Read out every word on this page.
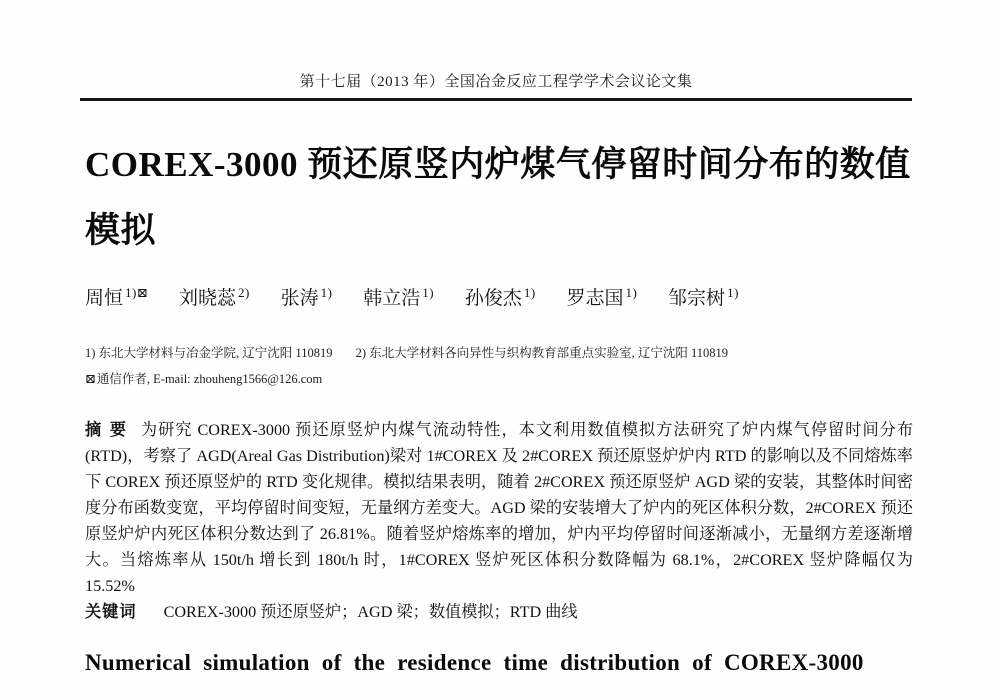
第十七届（2013 年）全国冶金反应工程学学术会议论文集
COREX-3000 预还原竖内炉煤气停留时间分布的数值
模拟
周恒 $^{1)⊠}$ 刘晓蕊 $^{2)}$ 张涛 $^{1)}$ 韩立浩 $^{1)}$ 孙俊杰 $^{1)}$ 罗志国 $^{1)}$ 邹宗树 $^{1)}$
1) 东北大学材料与冶金学院, 辽宁沈阳 110819 2) 东北大学材料各向异性与织构教育部重点实验室, 辽宁沈阳 110819
⊠通信作者, E-mail: zhouheng1566@126.com

摘 要 为研究 COREX-3000 预还原竖炉内煤气流动特性，本文利用数值模拟方法研究了炉内煤气停留时间分布(RTD)，考察了 AGD(Areal Gas Distribution)梁对 1#COREX 及 2#COREX 预还原竖炉炉内 RTD 的影响以及不同熔炼率下 COREX 预还原竖炉的 RTD 变化规律。模拟结果表明，随着 2#COREX 预还原竖炉 AGD 梁的安装，其整体时间密度分布函数变宽，平均停留时间变短，无量纲方差变大。AGD 梁的安装增大了炉内的死区体积分数，2#COREX 预还原竖炉炉内死区体积分数达到了 26.81%。随着竖炉熔炼率的增加，炉内平均停留时间逐渐减小，无量纲方差逐渐增大。当熔炼率从 150t/h 增长到 180t/h 时，1#COREX 竖炉死区体积分数降幅为 68.1%，2#COREX 竖炉降幅仅为 15.52%

关键词 COREX-3000 预还原竖炉；AGD 梁；数值模拟；RTD 曲线

Numerical simulation of the residence time distribution of COREX-3000
